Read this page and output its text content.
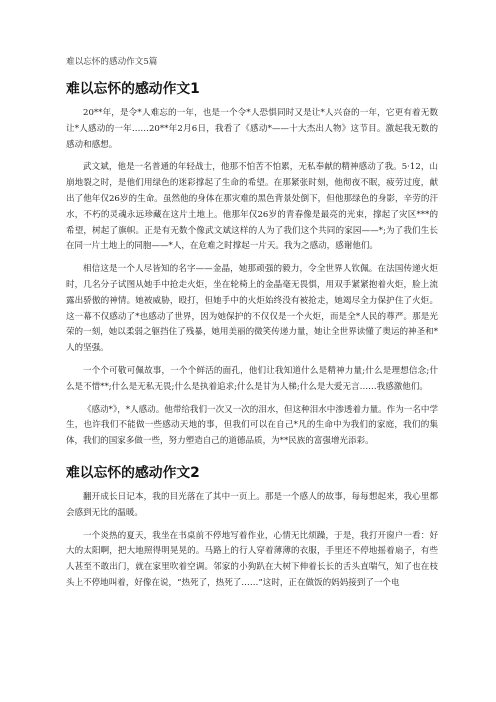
难以忘怀的感动作文5篇
难以忘怀的感动作文1

20**年，是令*人难忘的一年，也是一个令*人恐惧同时又是让*人兴奋的一年，它更有着无数让*人感动的一年……20**年2月6日，我看了《感动*——十大杰出人物》这节目。激起我无数的感动和感想。

武文斌，他是一名普通的年轻战士，他那不怕苦不怕累，无私奉献的精神感动了我。5·12，山崩地裂之时，是他们用绿色的迷彩撑起了生命的希望。在那紧张时刻，他彻夜不眠，疲劳过度，献出了他年仅26岁的生命。虽然他的身体在那灾难的黑色背景处倒下，但他那绿色的身影，辛劳的汗水，不朽的灵魂永远珍藏在这片土地上。他那年仅26岁的青春像是最亮的光束，撑起了灾区***的希望，树起了旗帜。正是有无数个像武文斌这样的人为了我们这个共同的家园——*;为了我们生长在同一片土地上的同胞——*人，在危难之时撑起一片天。我为之感动，感谢他们。

相信这是一个人尽皆知的名字——金晶，她那顽强的毅力，令全世界人钦佩。在法国传递火炬时，几名分子试图从她手中抢走火炬，坐在轮椅上的金晶毫无畏惧，用双手紧紧抱着火炬，脸上流露出骄傲的神情。她被威胁，殴打，但她手中的火炬始终没有被抢走，她竭尽全力保护住了火炬。这一幕不仅感动了*也感动了世界，因为她保护的不仅仅是一个火炬，而是全*人民的尊严。那是光荣的一刻，她以柔弱之躯挡住了残暴，她用美丽的微笑传递力量，她让全世界读懂了奥运的神圣和*人的坚强。

一个个可敬可佩故事，一个个鲜活的面孔，他们让我知道什么是精神力量;什么是理想信念;什么是不惜**;什么是无私无畏;什么是执着追求;什么是甘为人梯;什么是大爱无言……我感激他们。

《感动*》，*人感动。他带给我们一次又一次的泪水，但这种泪水中渗透着力量。作为一名中学生，也许我们不能做一些感动天地的事，但我们可以在自己*凡的生命中为我们的家庭，我们的集体，我们的国家多做一些，努力塑造自己的道德品质，为**民族的富强增光添彩。

难以忘怀的感动作文2

翻开成长日记本，我的目光落在了其中一页上。那是一个感人的故事，每每想起来，我心里都会感到无比的温暖。

一个炎热的夏天，我坐在书桌前不停地写着作业，心情无比烦躁，于是，我打开窗户一看：好大的太阳啊，把大地照得明晃晃的。马路上的行人穿着薄薄的衣服，手里还不停地摇着扇子，有些人甚至不敢出门，就在家里吹着空调。邻家的小狗趴在大树下伸着长长的舌头直喘气，知了也在枝头上不停地叫着，好像在说，“热死了，热死了……”这时，正在做饭的妈妈接到了一个电
